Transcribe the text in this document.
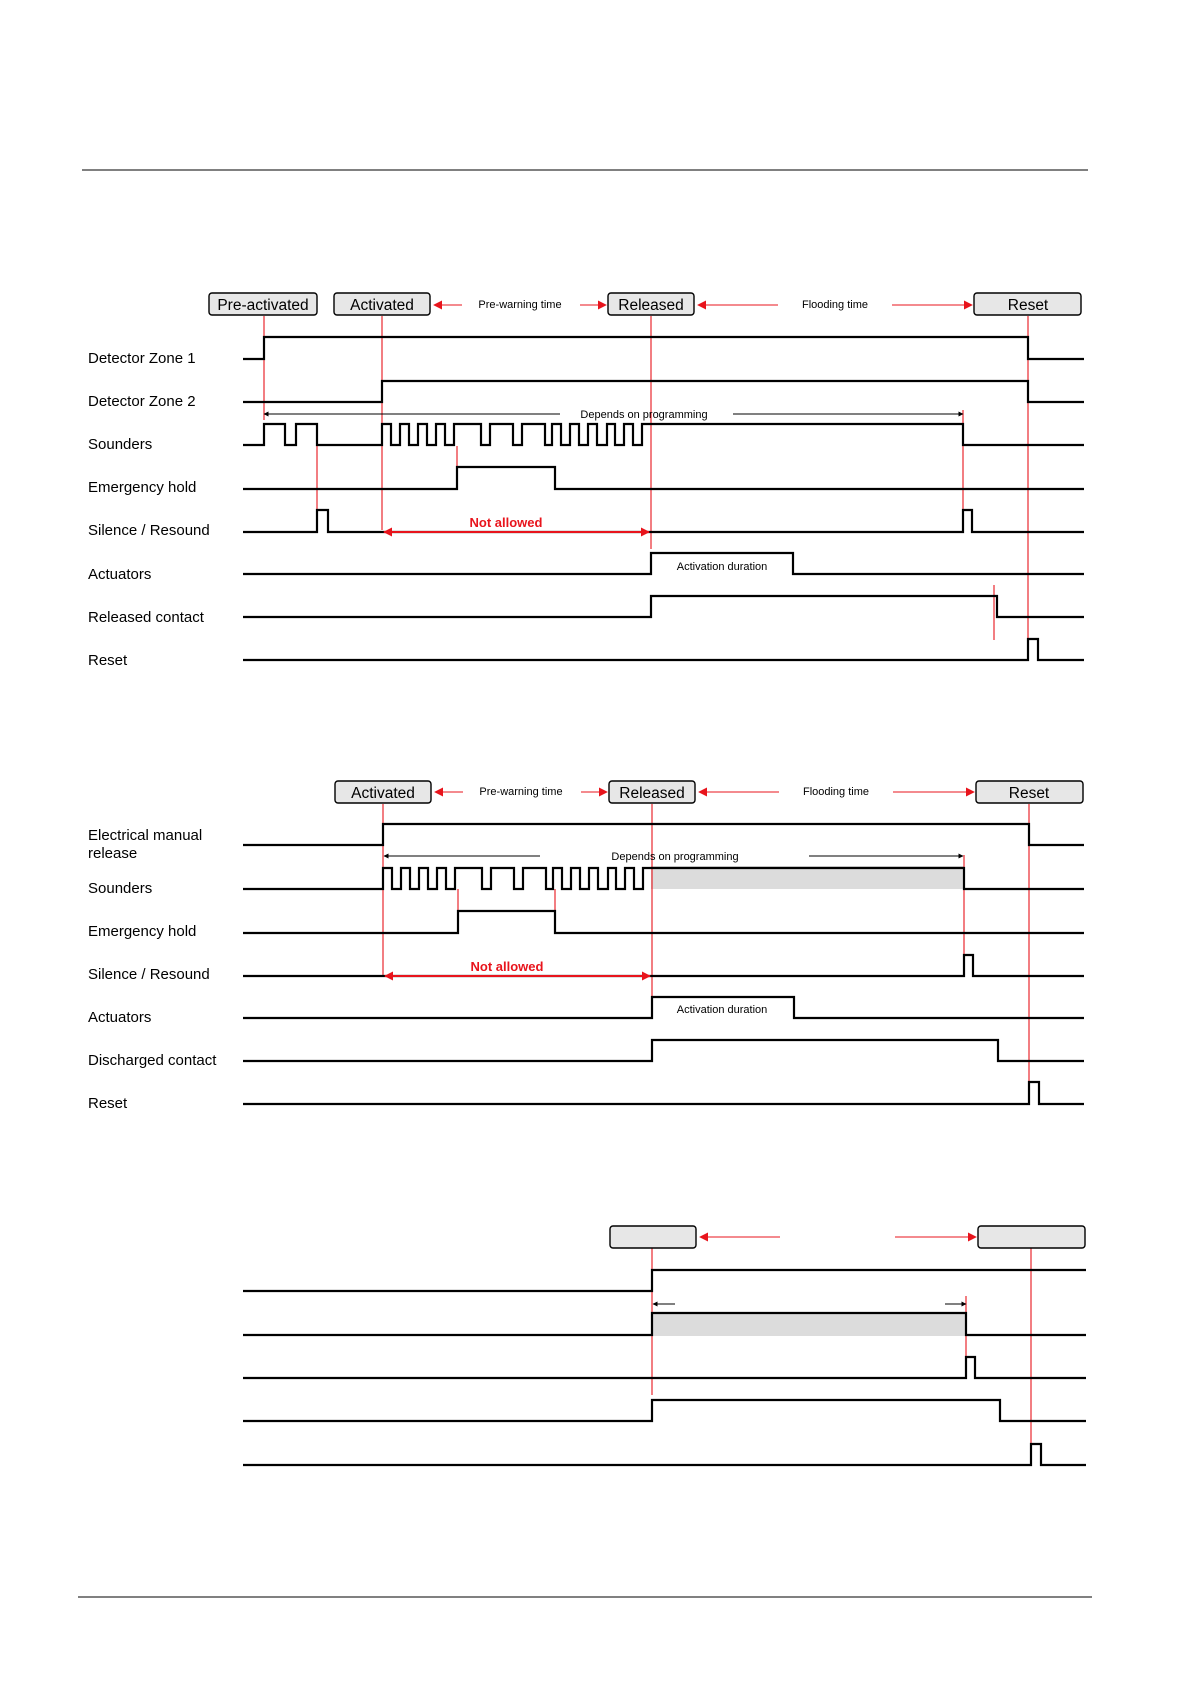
Pre-activated	Activated	Released	Reset
Pre-warning time	Flooding time
Detector Zone 1
Detector Zone 2
Sounders
Emergency hold
Silence / Resound
Actuators
Released contact
Reset
Depends on programming
Not allowed
Activation duration
Activated	Released	Reset
Pre-warning time	Flooding time
Electrical manual
release
Sounders
Emergency hold
Silence / Resound
Actuators
Discharged contact
Reset
Depends on programming
Not allowed
Activation duration
